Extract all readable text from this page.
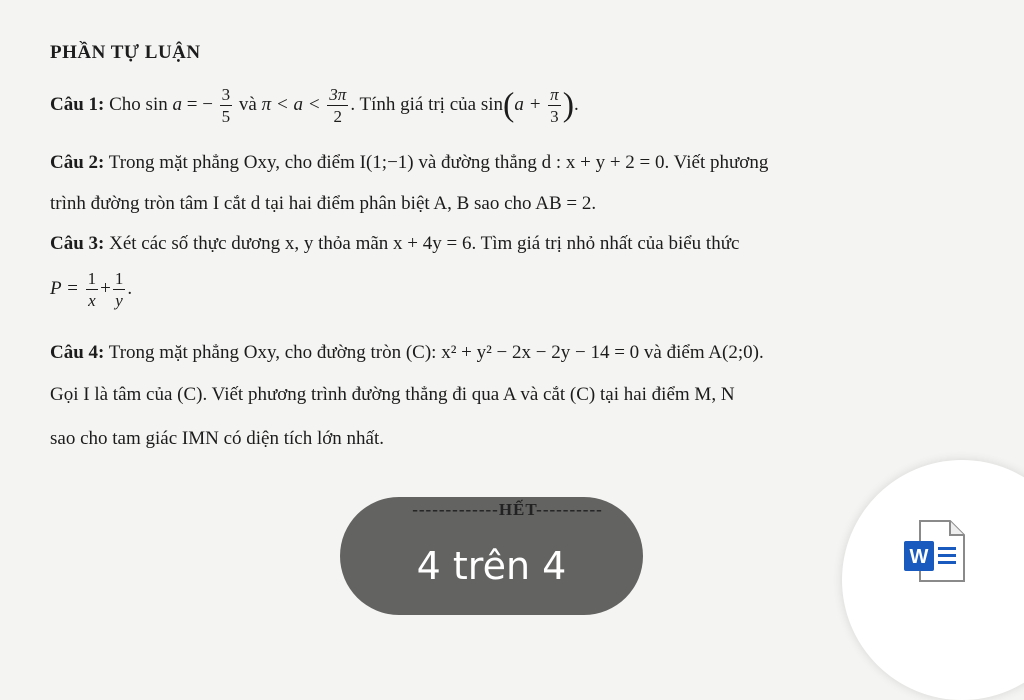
PHẦN TỰ LUẬN
Câu 1: Cho sin a = − $\frac{3}{5}$ và $\pi < a < \frac{3\pi}{2}$ . Tính giá trị của $\sin(a + \frac{\pi}{3}$ ).
Câu 2: Trong mặt phẳng Oxy, cho điểm I(1;−1) và đường thẳng d : x + y + 2 = 0. Viết phương
trình đường tròn tâm I cắt d tại hai điểm phân biệt A, B sao cho AB = 2.
Câu 3: Xét các số thực dương x, y thỏa mãn x + 4y = 6. Tìm giá trị nhỏ nhất của biểu thức
$P = \frac{1}{x} + \frac{1}{y}$ .
Câu 4: Trong mặt phẳng Oxy, cho đường tròn (C): x² + y² − 2x − 2y − 14 = 0 và điểm A(2;0).
Gọi I là tâm của (C). Viết phương trình đường thẳng đi qua A và cắt (C) tại hai điểm M, N
sao cho tam giác IMN có diện tích lớn nhất.
4 trên 4
-------------HẾT----------
W
